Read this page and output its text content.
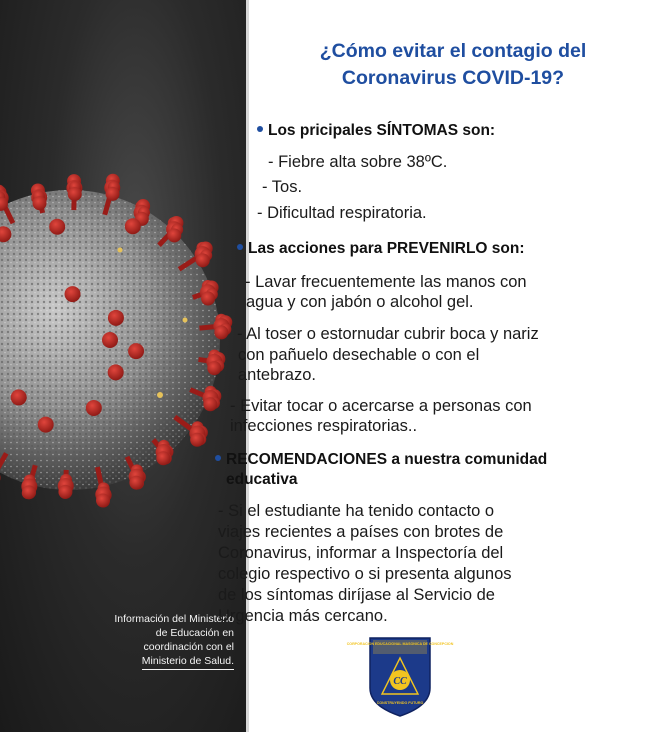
Información del Ministerio
de Educación en
coordinación con el
Ministerio de Salud.
¿Cómo evitar el contagio del
Coronavirus COVID-19?
Los pricipales SÍNTOMAS son:
- Fiebre alta sobre 38ºC.
- Tos.
- Dificultad respiratoria.
Las acciones para PREVENIRLO son:
- Lavar frecuentemente las manos con
agua y con jabón o alcohol gel.
- Al toser o estornudar cubrir boca y nariz
con pañuelo desechable o con el
antebrazo.
- Evitar tocar o acercarse a personas con
infecciones respiratorias..
RECOMENDACIONES a nuestra comunidad
educativa
- Si el estudiante ha tenido contacto o
viajes recientes a países con brotes de
Coronavirus, informar a Inspectoría del
colegio respectivo o si presenta algunos
de los síntomas diríjase al Servicio de
Urgencia más cercano.
CORPORACION EDUCACIONAL MASONICA DE CONCEPCION
CC
CONSTRUYENDO FUTURO
